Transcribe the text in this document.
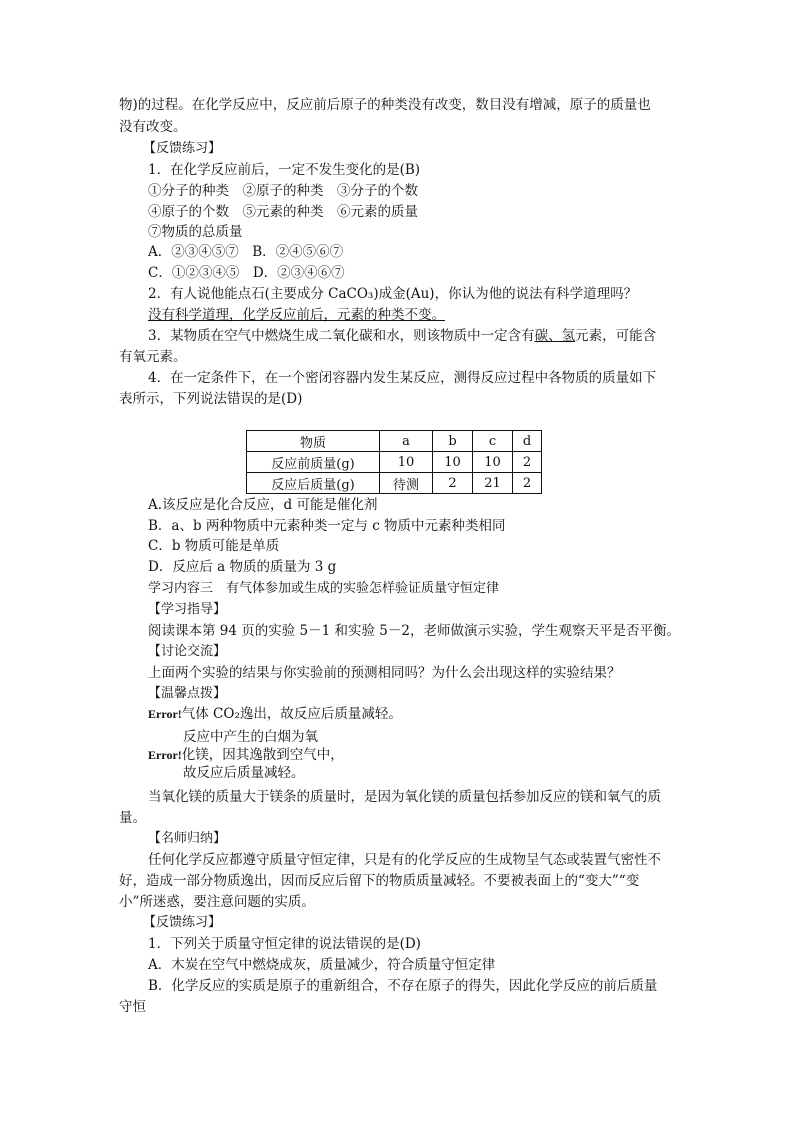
物)的过程。在化学反应中，反应前后原子的种类没有改变，数目没有增减，原子的质量也
没有改变。
【反馈练习】
1．在化学反应前后，一定不发生变化的是(B)
①分子的种类　②原子的种类　③分子的个数
④原子的个数　⑤元素的种类　⑥元素的质量
⑦物质的总质量
A．②③④⑤⑦　B．②④⑤⑥⑦
C．①②③④⑤　D．②③④⑥⑦
2．有人说他能点石(主要成分 CaCO₃)成金(Au)，你认为他的说法有科学道理吗？
没有科学道理，化学反应前后，元素的种类不变。
3．某物质在空气中燃烧生成二氧化碳和水，则该物质中一定含有碳、氢元素，可能含
有氧元素。
4．在一定条件下，在一个密闭容器内发生某反应，测得反应过程中各物质的质量如下
表所示，下列说法错误的是(D)
物质	a	b	c	d
反应前质量(g)	10	10	10	2
反应后质量(g)	待测	2	21	2
A.该反应是化合反应，d 可能是催化剂
B．a、b 两种物质中元素种类一定与 c 物质中元素种类相同
C．b 物质可能是单质
D．反应后 a 物质的质量为 3 g
学习内容三　有气体参加或生成的实验怎样验证质量守恒定律
【学习指导】
阅读课本第 94 页的实验 5－1 和实验 5－2，老师做演示实验，学生观察天平是否平衡。
【讨论交流】
上面两个实验的结果与你实验前的预测相同吗？为什么会出现这样的实验结果？
【温馨点拨】
Error!气体 CO₂逸出，故反应后质量减轻。
反应中产生的白烟为氧
Error!化镁，因其逸散到空气中，
故反应后质量减轻。
当氧化镁的质量大于镁条的质量时，是因为氧化镁的质量包括参加反应的镁和氧气的质
量。
【名师归纳】
任何化学反应都遵守质量守恒定律，只是有的化学反应的生成物呈气态或装置气密性不
好，造成一部分物质逸出，因而反应后留下的物质质量减轻。不要被表面上的“变大”“变
小”所迷惑，要注意问题的实质。
【反馈练习】
1．下列关于质量守恒定律的说法错误的是(D)
A．木炭在空气中燃烧成灰，质量减少，符合质量守恒定律
B．化学反应的实质是原子的重新组合，不存在原子的得失，因此化学反应的前后质量
守恒
